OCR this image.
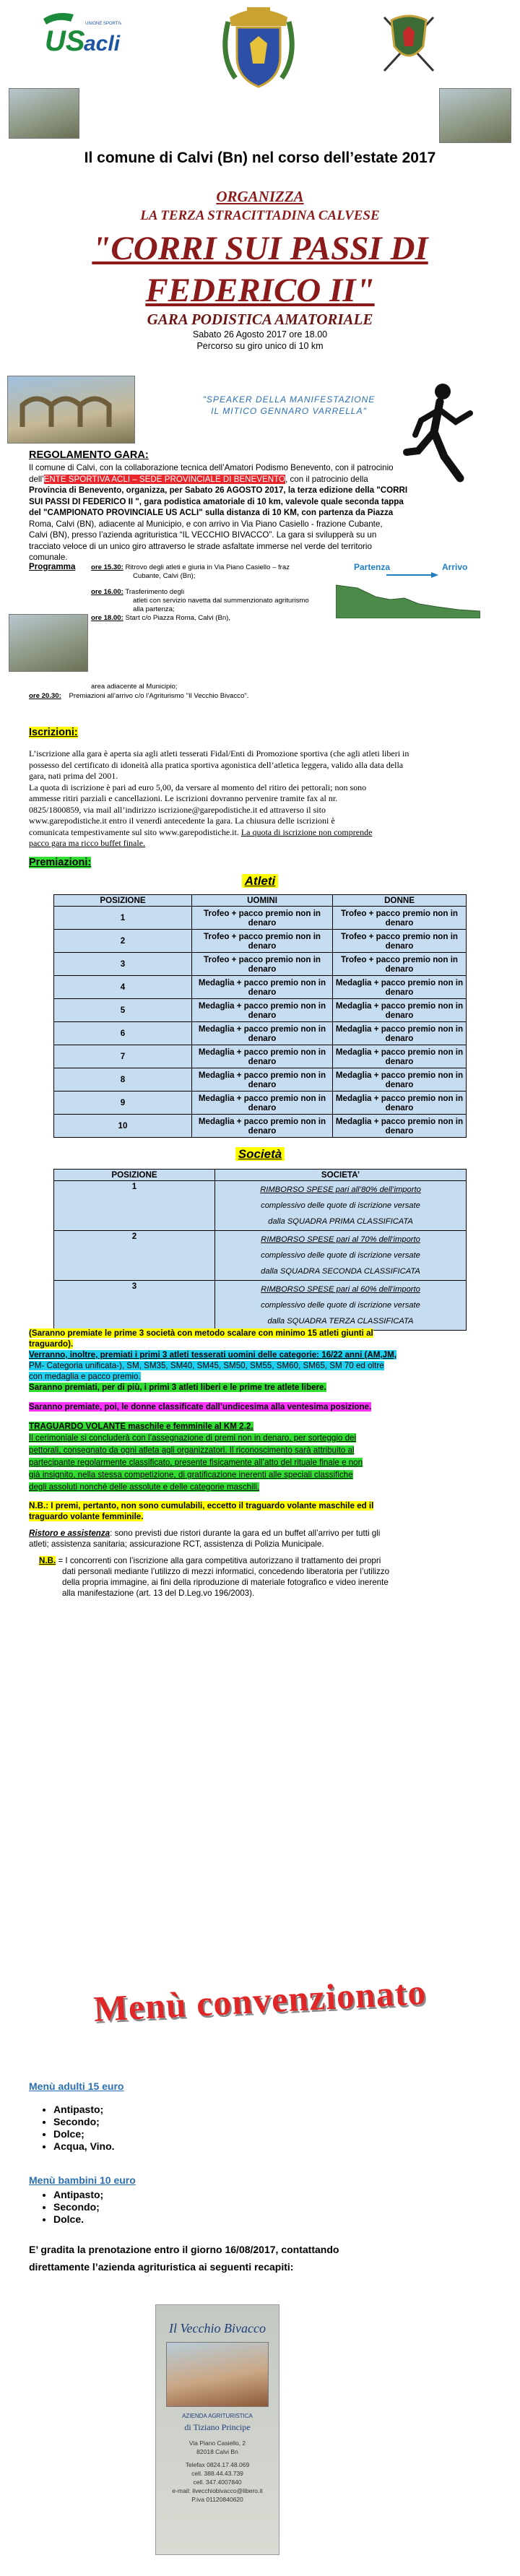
US
acli
UNIONE SPORTIVA
Il comune di Calvi (Bn) nel corso dell’estate 2017
ORGANIZZA
LA TERZA STRACITTADINA CALVESE
"CORRI SUI PASSI DI
FEDERICO II"
GARA PODISTICA AMATORIALE
Sabato 26 Agosto 2017 ore 18.00
Percorso su giro unico di 10 km
"SPEAKER DELLA MANIFESTAZIONE
IL MITICO GENNARO VARRELLA"
REGOLAMENTO GARA:
Il comune di Calvi, con la collaborazione tecnica dell’Amatori Podismo Benevento, con il patrocinio
dell’ENTE SPORTIVA ACLI – SEDE PROVINCIALE DI BENEVENTO, con il patrocinio della
Provincia di Benevento, organizza, per Sabato 26 AGOSTO 2017, la terza edizione della "CORRI
SUI PASSI DI FEDERICO II ", gara podistica amatoriale di 10 km, valevole quale seconda tappa
del "CAMPIONATO PROVINCIALE US ACLI" sulla distanza di 10 KM, con partenza da Piazza
Roma, Calvi (BN), adiacente al Municipio, e con arrivo in Via Piano Casiello - frazione Cubante,
Calvi (BN), presso l’azienda agrituristica “IL VECCHIO BIVACCO”. La gara si svilupperà su un
tracciato veloce di un unico giro attraverso le strade asfaltate immerse nel verde del territorio
comunale.
Programma ore 15.30: Ritrovo degli atleti e giuria in Via Piano Casiello – fraz
Cubante, Calvi (Bn);
ore 16.00: Trasferimento degli
atleti con servizio navetta dal summenzionato agriturismo
alla partenza;
ore 18.00: Start c/o Piazza Roma, Calvi (Bn),
Partenza	Arrivo
area adiacente al Municipio;
ore 20.30: Premiazioni all’arrivo c/o l’Agriturismo "Il Vecchio Bivacco".
Iscrizioni:
L’iscrizione alla gara è aperta sia agli atleti tesserati Fidal/Enti di Promozione sportiva (che agli atleti liberi in
possesso del certificato di idoneità alla pratica sportiva agonistica dell’atletica leggera, valido alla data della
gara, nati prima del 2001.
La quota di iscrizione è pari ad euro 5,00, da versare al momento del ritiro dei pettorali; non sono
ammesse ritiri parziali e cancellazioni. Le iscrizioni dovranno pervenire tramite fax al nr.
0825/1800859, via mail all’indirizzo iscrizione@garepodistiche.it ed attraverso il sito
www.garepodistiche.it entro il venerdì antecedente la gara. La chiusura delle iscrizioni è
comunicata tempestivamente sul sito www.garepodistiche.it. La quota di iscrizione non comprende
pacco gara ma ricco buffet finale.
Premiazioni:
Atleti
POSIZIONE	UOMINI	DONNE
1	Trofeo + pacco premio non in denaro	Trofeo + pacco premio non in denaro
2	Trofeo + pacco premio non in denaro	Trofeo + pacco premio non in denaro
3	Trofeo + pacco premio non in denaro	Trofeo + pacco premio non in denaro
4	Medaglia + pacco premio non in denaro	Medaglia + pacco premio non in denaro
5	Medaglia + pacco premio non in denaro	Medaglia + pacco premio non in denaro
6	Medaglia + pacco premio non in denaro	Medaglia + pacco premio non in denaro
7	Medaglia + pacco premio non in denaro	Medaglia + pacco premio non in denaro
8	Medaglia + pacco premio non in denaro	Medaglia + pacco premio non in denaro
9	Medaglia + pacco premio non in denaro	Medaglia + pacco premio non in denaro
10	Medaglia + pacco premio non in denaro	Medaglia + pacco premio non in denaro
Società
POSIZIONE	SOCIETA’
1	RIMBORSO SPESE pari all’80% dell’importo
complessivo delle quote di iscrizione versate
dalla SQUADRA PRIMA CLASSIFICATA

2	RIMBORSO SPESE pari al 70% dell’importo
complessivo delle quote di iscrizione versate
dalla SQUADRA SECONDA CLASSIFICATA

3	RIMBORSO SPESE pari al 60% dell’importo
complessivo delle quote di iscrizione versate
dalla SQUADRA TERZA CLASSIFICATA
(Saranno premiate le prime 3 società con metodo scalare con minimo 15 atleti giunti al
traguardo).
Verranno, inoltre, premiati i primi 3 atleti tesserati uomini delle categorie: 16/22 anni (AM,JM,
PM- Categoria unificata-), SM, SM35, SM40, SM45, SM50, SM55, SM60, SM65, SM 70 ed oltre
con medaglia e pacco premio.
Saranno premiati, per di più, i primi 3 atleti liberi e le prime tre atlete libere.
Saranno premiate, poi, le donne classificate dall’undicesima alla ventesima posizione.
TRAGUARDO VOLANTE maschile e femminile al KM 2,2.
Il cerimoniale si concluderà con l’assegnazione di premi non in denaro, per sorteggio dei
pettorali, consegnato da ogni atleta agli organizzatori. Il riconoscimento sarà attribuito al
partecipante regolarmente classificato, presente fisicamente all’atto del rituale finale e non
già insignito, nella stessa competizione, di gratificazione inerenti alle speciali classifiche
degli assoluti nonché delle assolute e delle categorie maschili.
N.B.: I premi, pertanto, non sono cumulabili, eccetto il traguardo volante maschile ed il
traguardo volante femminile.
Ristoro e assistenza: sono previsti due ristori durante la gara ed un buffet all’arrivo per tutti gli
atleti; assistenza sanitaria; assicurazione RCT, assistenza di Polizia Municipale.
N.B. = I concorrenti con l’iscrizione alla gara competitiva autorizzano il trattamento dei propri
dati personali mediante l’utilizzo di mezzi informatici, concedendo liberatoria per l’utilizzo
della propria immagine, ai fini della riproduzione di materiale fotografico e video inerente
alla manifestazione (art. 13 del D.Leg.vo 196/2003).
Menù convenzionato
Menù adulti 15 euro
• Antipasto;
• Secondo;
• Dolce;
• Acqua, Vino.
Menù bambini 10 euro
• Antipasto;
• Secondo;
• Dolce.
E’ gradita la prenotazione entro il giorno 16/08/2017, contattando
direttamente l’azienda agrituristica ai seguenti recapiti:
Il Vecchio Bivacco
AZIENDA AGRITURISTICA
di Tiziano Principe
Via Piano Casiello, 2
82018 Calvi Bn
Telefax 0824.17.48.069
cell. 388.44.43.739
cell. 347.4007840
e-mail: ilvecchiobivacco@libero.it
P.iva 01120840620
